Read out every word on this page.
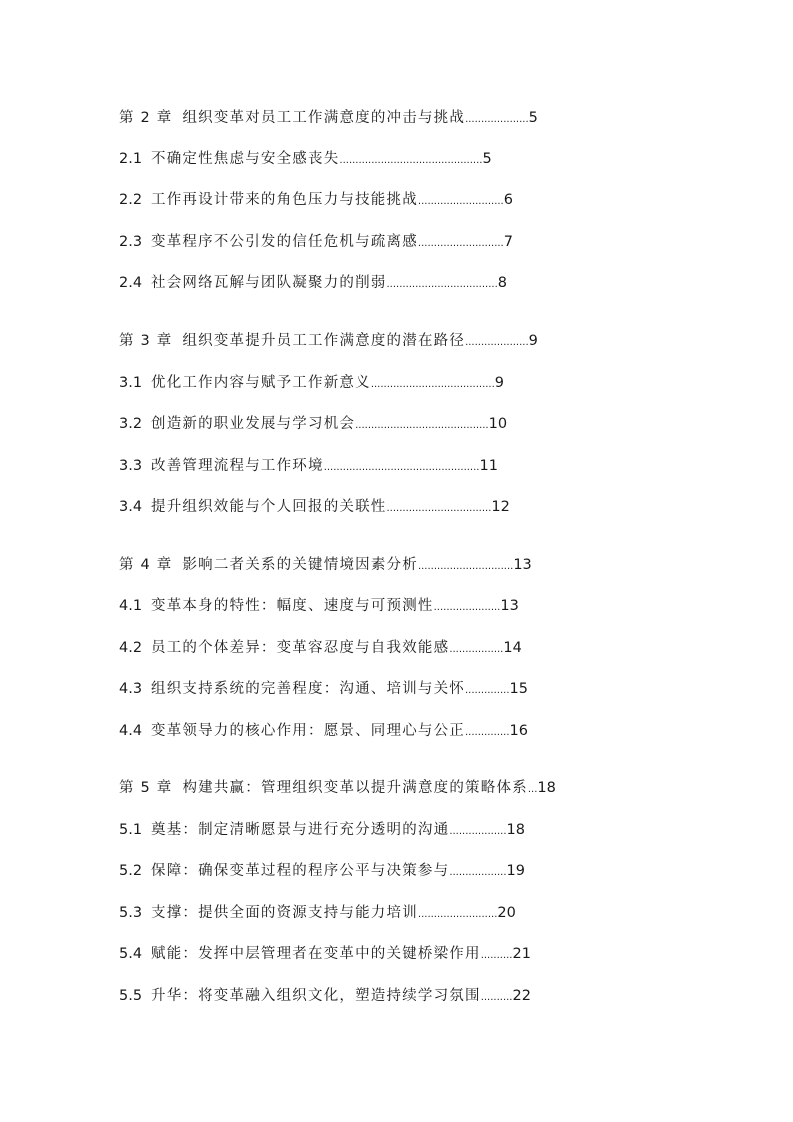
第 2 章 组织变革对员工工作满意度的冲击与挑战....................5
2.1 不确定性焦虑与安全感丧失.............................................5
2.2 工作再设计带来的角色压力与技能挑战...........................6
2.3 变革程序不公引发的信任危机与疏离感...........................7
2.4 社会网络瓦解与团队凝聚力的削弱...................................8
第 3 章 组织变革提升员工工作满意度的潜在路径....................9
3.1 优化工作内容与赋予工作新意义.......................................9
3.2 创造新的职业发展与学习机会..........................................10
3.3 改善管理流程与工作环境.................................................11
3.4 提升组织效能与个人回报的关联性.................................12
第 4 章 影响二者关系的关键情境因素分析..............................13
4.1 变革本身的特性：幅度、速度与可预测性.....................13
4.2 员工的个体差异：变革容忍度与自我效能感.................14
4.3 组织支持系统的完善程度：沟通、培训与关怀..............15
4.4 变革领导力的核心作用：愿景、同理心与公正..............16
第 5 章 构建共赢：管理组织变革以提升满意度的策略体系...18
5.1 奠基：制定清晰愿景与进行充分透明的沟通..................18
5.2 保障：确保变革过程的程序公平与决策参与..................19
5.3 支撑：提供全面的资源支持与能力培训.........................20
5.4 赋能：发挥中层管理者在变革中的关键桥梁作用..........21
5.5 升华：将变革融入组织文化，塑造持续学习氛围..........22
